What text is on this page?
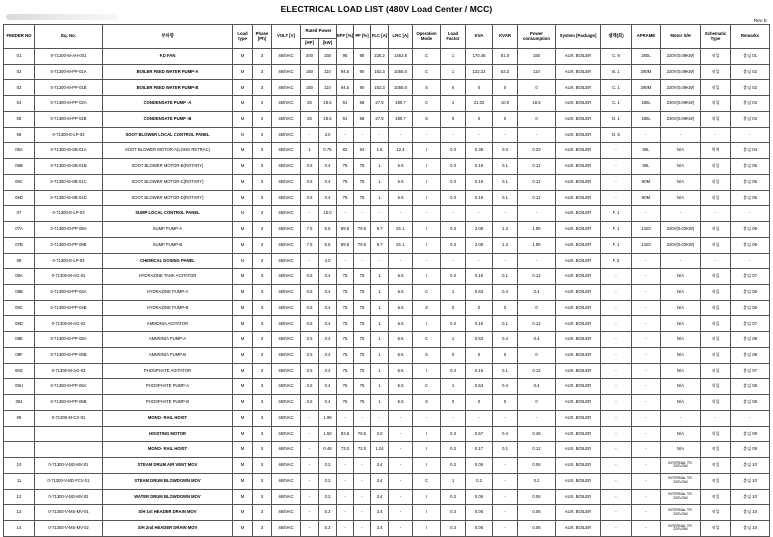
ELECTRICAL LOAD LIST (480V Load Center / MCC)
Rev. E
FEEDER NO	Eq. No.	부하명	Load type	Phase [Ph]	VOLT [V]	Rated Power		EFF [%]	PF [%]	FLC [A]	LRC [A]	Operation Mode	Load Factor	KVA	KVAR	Power consumption	System [Package]	셀렉(회)	AFRAME	Motor S/H	Schematic Type	Remarks
						[HP]	[kW]															
01	0-71300-M-AH-001	F.D FAN	M	3	460VAC	200	150	95	88	225.2	1463.8	C	1	170.45	81.0	150	AUX. BOILER	C. 8	280L	220V(0.09KW)	직입	붙임 01
02	0-71300-M-PP-01A	BOILER FEED WATER PUMP-A	M	3	460VAC	150	110	94.5	90	162.3	1055.0	C	1	122.22	53.3	110	AUX. BOILER	B. 1	280M	220V(0.09KW)	직입	붙임 02
03	0-71300-M-PP-01B	BOILER FEED WATER PUMP-B	M	3	460VAC	150	110	94.5	90	162.3	1055.0	S	0	0	0	0	AUX. BOILER	C. 1	280M	220V(0.09KW)	직입	붙임 02
04	0-71300-M-PP-02A	CONDENSATE PUMP -A	M	3	460VAC	25	18.5	91	88	27.8	180.7	C	1	21.02	10.0	18.5	AUX. BOILER	C. 1	180L	220V(0.09KW)	직입	붙임 03
05	0-71300-M-PP-02B	CONDENSATE PUMP -B	M	3	460VAC	25	18.5	91	88	27.8	180.7	S	0	0	0	0	AUX. BOILER	D. 1	180L	220V(0.09KW)	직입	붙임 03
06	0-71300-E-LP-02	SOOT BLOWER LOCAL CONTROL PANEL	N	3	460VAC	-	3.0	-	-	-	-	-	-	-	-	-	AUX. BOILER	D. 5	-	-	-	-
06A	0-71300-M-SB-01A	SOOT BLOWER MOTOR-A(LONG RETRAC)	M	3	460VAC	1	0.75	82	64	1.8	12.4	I	0.3	0.35	0.3	0.23	AUX. BOILER	-	90L	N/A	역역	붙임 04
06B	0-71300-M-SB-01B	SOOT BLOWER MOTOR-B(ROTARY)	M	3	460VAC	0.5	0.4	75	75	1	6.5	I	0.3	0.16	0.1	0.12	AUX. BOILER	-	90L	N/A	직입	붙임 05
06C	0-71300-M-SB-01C	SOOT BLOWER MOTOR-C(ROTARY)	M	3	460VAC	0.5	0.4	75	75	1	6.5	I	0.3	0.16	0.1	0.12	AUX. BOILER	-	80M	N/A	직입	붙임 05
06D	0-71300-M-SB-01D	SOOT BLOWER MOTOR-D(ROTARY)	M	3	460VAC	0.5	0.4	75	75	1	6.5	I	0.3	0.16	0.1	0.12	AUX. BOILER	-	80M	N/A	직입	붙임 05
07	0-71300-E-LP-03	SUMP LOCAL CONTROL PANEL	N	3	460VAC	-	15.0	-	-	-	-	-	-	-	-	-	AUX. BOILER	F. 1	-	-	-	-
07A	0-71300-M-PP-08A	SUMP PUMP-A	M	3	460VAC	7.5	5.5	89.5	79.5	9.7	61.1	I	0.3	2.08	1.3	1.65	AUX. BOILER	F. 1	132S	220V(0.02KW)	직입	붙임 06
07B	0-71300-M-PP-08B	SUMP PUMP-B	M	3	460VAC	7.5	5.5	89.5	79.5	9.7	61.1	I	0.3	2.08	1.3	1.65	AUX. BOILER	F. 1	132S	220V(0.02KW)	직입	붙임 06
08	0-71300-E-LP-04	CHEMICAL DOSING PANEL	N	3	460VAC	-	4.0	-	-	-	-	-	-	-	-	-	AUX. BOILER	F. 2	-	-	-	-
08A	0-71300-M-AG-01	HYDRAZINE TANK AGITATOR	M	3	460VAC	0.5	0.4	75	75	1	6.5	I	0.3	0.16	0.1	0.12	AUX. BOILER	-	-	N/A	직입	붙임 07
08B	0-71300-M-PP-04A	HYDRAZINE PUMP-A	M	3	460VAC	0.5	0.4	75	75	1	6.5	C	1	0.53	0.4	0.4	AUX. BOILER	-	-	N/A	직입	붙임 08
08C	0-71300-M-PP-04B	HYDRAZINE PUMP-B	M	3	460VAC	0.5	0.4	75	75	1	6.5	S	0	0	0	0	AUX. BOILER	-	-	N/A	직입	붙임 08
08D	0-71300-M-AG-02	AMMONIA AGITATOR	M	3	460VAC	0.5	0.4	75	75	1	6.5	I	0.3	0.16	0.1	0.12	AUX. BOILER	-	-	N/A	직입	붙임 07
08E	0-71300-M-PP-05A	AMMONIA PUMP-A	M	3	460VAC	0.5	0.4	75	75	1	6.5	C	1	0.53	0.4	0.4	AUX. BOILER	-	-	N/A	직입	붙임 08
08F	0-71300-M-PP-05B	AMMONIA PUMP-B	M	3	460VAC	0.5	0.4	75	75	1	6.5	S	0	0	0	0	AUX. BOILER	-	-	N/A	직입	붙임 08
08G	0-71300-M-AG-03	PHOSPHATE AGITATOR	M	3	460VAC	0.5	0.4	75	75	1	6.5	I	0.3	0.16	0.1	0.12	AUX. BOILER	-	-	N/A	직입	붙임 07
08H	0-71300-M-PP-06A	PHOSPHATE PUMP-A	M	3	460VAC	0.5	0.4	75	75	1	6.5	C	1	0.53	0.4	0.4	AUX. BOILER	-	-	N/A	직입	붙임 08
08J	0-71300-M-PP-06B	PHOSPHATE PUMP-B	M	3	460VAC	0.5	0.4	75	75	1	6.5	S	0	0	0	0	AUX. BOILER	-	-	N/A	직입	붙임 08
09	0-71300-M-CX-01	MONO- RAIL HOIST	M	3	460VAC	-	1.98	-	-	-	-	-	-	-	-	-	AUX. BOILER	-	-	-	-	-
		HOISTING MOTOR	M	3	460VAC	-	1.50	83.6	78.5	3.0	-	I	0.3	0.57	0.4	0.45	AUX. BOILER	-	-	N/A	직입	붙임 09
		MONO- RAIL HOIST	M	3	460VAC	-	0.48	73.0	72.0	1.24	-	I	0.3	0.17	0.1	0.12	AUX. BOILER	-	-	N/A	직입	붙임 09
10	0-71300-V-BD-MV-01	STEAM DRUM AIR VENT MOV	M	3	460VAC	-	0.2	-	-	3.4	-	I	0.3	0.06	-	0.06	AUX. BOILER	-	-	INTERNAL TR. 220V,5W	직입	붙임 10
11	0-71300-V-BD-FCV-01	STEAM DRUM BLOWDOWN MOV	M	3	460VAC	-	0.2	-	-	3.4	-	C	1	0.2	-	0.2	AUX. BOILER	-	-	INTERNAL TR. 220V,5W	직입	붙임 10
12	0-71300-V-BD-MV-02	WATER DRUM BLOWDOWN MOV	M	3	460VAC	-	0.2	-	-	3.4	-	I	0.3	0.06	-	0.06	AUX. BOILER	-	-	INTERNAL TR. 220V,5W	직입	붙임 10
13	0-71300-V-MS-MV-01	S/H 1st HEADER DRAIN MOV	M	3	460VAC	-	0.2	-	-	3.4	-	I	0.3	0.06	-	0.06	AUX. BOILER	-	-	INTERNAL TR. 220V,5W	직입	붙임 10
14	0-71300-V-MS-MV-02	S/H 2nd HEADER DRAIN MOV	M	3	460VAC	-	0.2	-	-	3.4	-	I	0.3	0.06	-	0.06	AUX. BOILER	-	-	INTERNAL TR. 220V,5W	직입	붙임 10
